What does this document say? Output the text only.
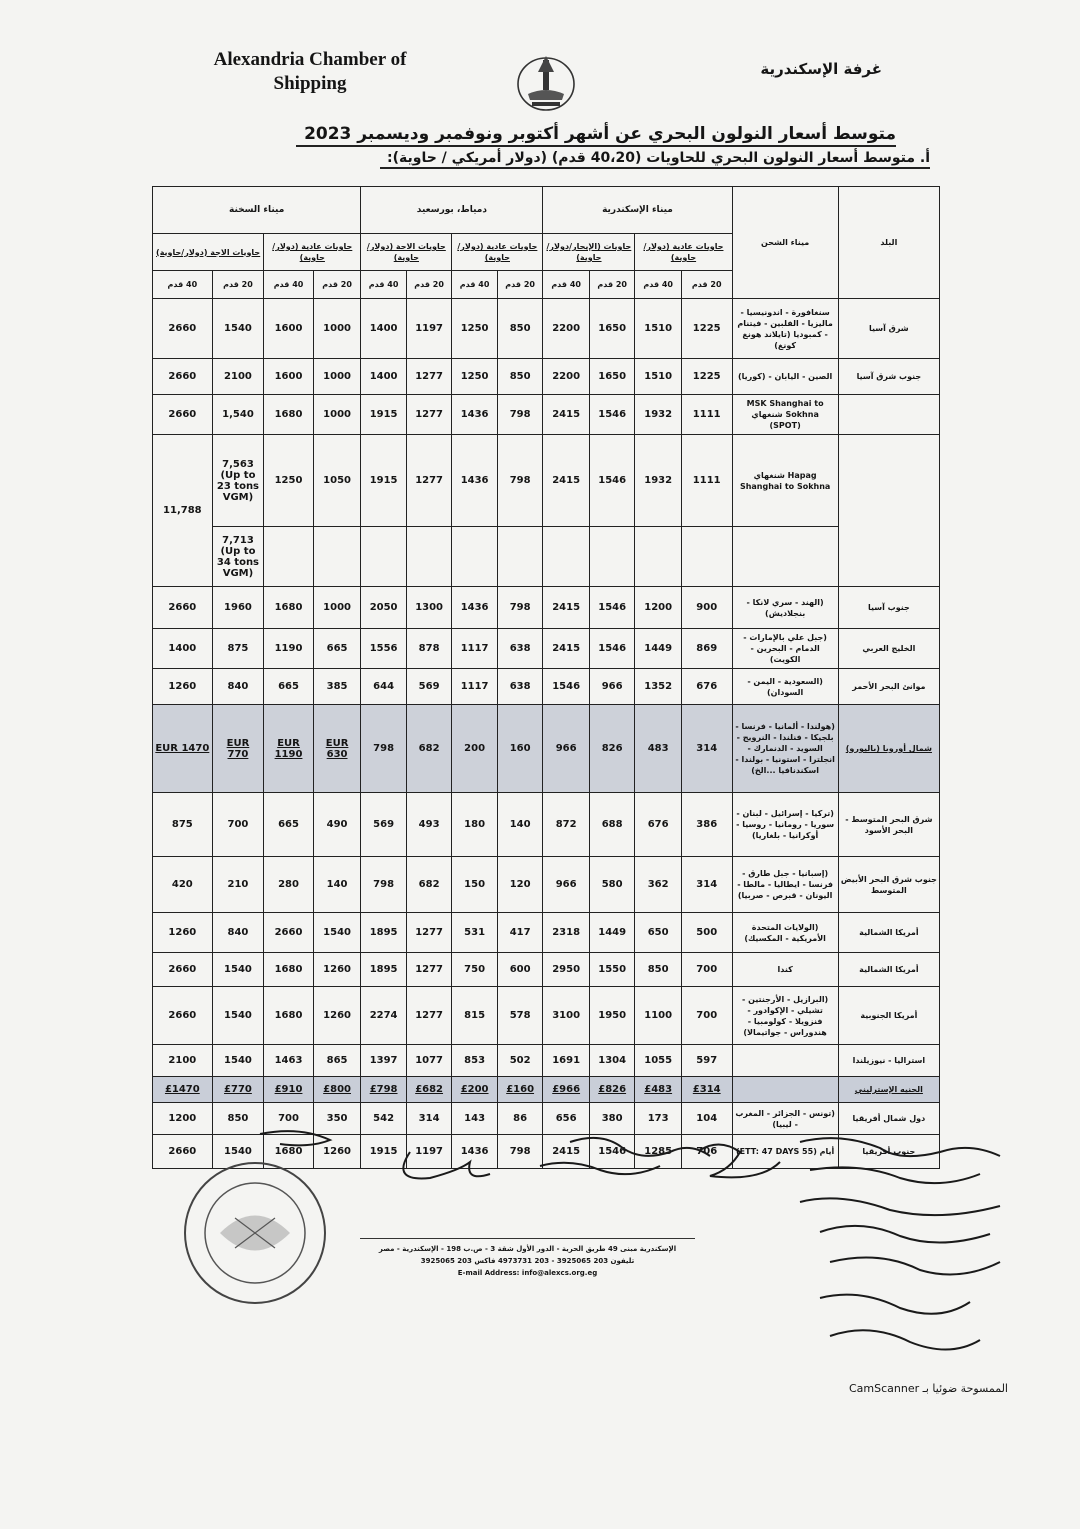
Alexandria Chamber of Shipping
غرفة الإسكندرية
متوسط أسعار النولون البحري عن أشهر أكتوبر ونوفمبر وديسمبر 2023
أ. متوسط أسعار النولون البحري للحاويات (40،20 قدم) (دولار أمريكي / حاوية):
ميناء السخنة				دمياط، بورسعيد				ميناء الإسكندرية				ميناء الشحن	البلد
حاويات الاجة (دولار/حاوية)		حاويات عادية (دولار/حاوية)		حاويات الاجة (دولار/حاوية)		حاويات عادية (دولار/حاوية)		حاويات (الإيجار/دولار/حاوية)		حاويات عادية (دولار/حاوية)			
40 قدم	20 قدم	40 قدم	20 قدم	40 قدم	20 قدم	40 قدم	20 قدم	40 قدم	20 قدم	40 قدم	20 قدم		
2660	1540	1600	1000	1400	1197	1250	850	2200	1650	1510	1225	سنغافورة - اندونيسيا - ماليزيا - الفلبين - فيتنام - كمبوديا (تايلاند هونغ كونغ)	شرق آسيا
2660	2100	1600	1000	1400	1277	1250	850	2200	1650	1510	1225	الصين - اليابان - (كوريا)	جنوب شرق آسيا
2660	1,540	1680	1000	1915	1277	1436	798	2415	1546	1932	1111	MSK Shanghai to Sokhna شنغهاي (SPOT)	
11,788	7,563 (Up to 23 tons VGM)	1250	1050	1915	1277	1436	798	2415	1546	1932	1111	Hapag شنغهاي Shanghai to Sokhna	
	7,713 (Up to 34 tons VGM)												
2660	1960	1680	1000	2050	1300	1436	798	2415	1546	1200	900	(الهند - سري لانكا - بنجلاديش)	جنوب آسيا
1400	875	1190	665	1556	878	1117	638	2415	1546	1449	869	(جبل علي بالإمارات - الدمام - البحرين - الكويت)	الخليج العربي
1260	840	665	385	644	569	1117	638	1546	966	1352	676	(السعودية - اليمن - السودان)	موانئ البحر الأحمر
EUR 1470	EUR 770	EUR 1190	EUR 630	798	682	200	160	966	826	483	314	(هولندا - ألمانيا - فرنسا - بلجيكا - فنلندا - النرويج - السويد - الدنمارك - انجلترا - استونيا - بولندا - اسكندنافيا ...الخ)	شمال أوروبا (باليورو)
875	700	665	490	569	493	180	140	872	688	676	386	(تركيا - إسرائيل - لبنان - سوريا - رومانيا - روسيا - أوكرانيا - بلغاريا)	شرق البحر المتوسط - البحر الأسود
420	210	280	140	798	682	150	120	966	580	362	314	(إسبانيا - جبل طارق - فرنسا - ايطاليا - مالطا - اليونان - قبرص - صربيا)	جنوب شرق البحر الأبيض المتوسط
1260	840	2660	1540	1895	1277	531	417	2318	1449	650	500	(الولايات المتحدة الأمريكية - المكسيك)	أمريكا الشمالية
2660	1540	1680	1260	1895	1277	750	600	2950	1550	850	700	كندا	أمريكا الشمالية
2660	1540	1680	1260	2274	1277	815	578	3100	1950	1100	700	(البرازيل - الأرجنتين - تشيلي - الإكوادور - فنزويلا - كولومبيا - هندوراس - جواتيمالا)	أمريكا الجنوبية
2100	1540	1463	865	1397	1077	853	502	1691	1304	1055	597		استراليا - نيوزيلندا
£1470	£770	£910	£800	£798	£682	£200	£160	£966	£826	£483	£314		الجنيه الإسترليني
1200	850	700	350	542	314	143	86	656	380	173	104	(تونس - الجزائر - المغرب - ليبيا)	دول شمال أفريقيا
2660	1540	1680	1260	1915	1197	1436	798	2415	1546	1285	706	أيام (ETT: 47 DAYS 55)	جنوب أفريقيا
الإسكندرية مبنى 49 طريق الحرية - الدور الأول شقة 3 - ص.ب 198 - الإسكندرية - مصر
تليفون 203 3925065 - 203 4973731 فاكس 203 3925065
E-mail Address: info@alexcs.org.eg
الممسوحة ضوئيا بـ CamScanner
